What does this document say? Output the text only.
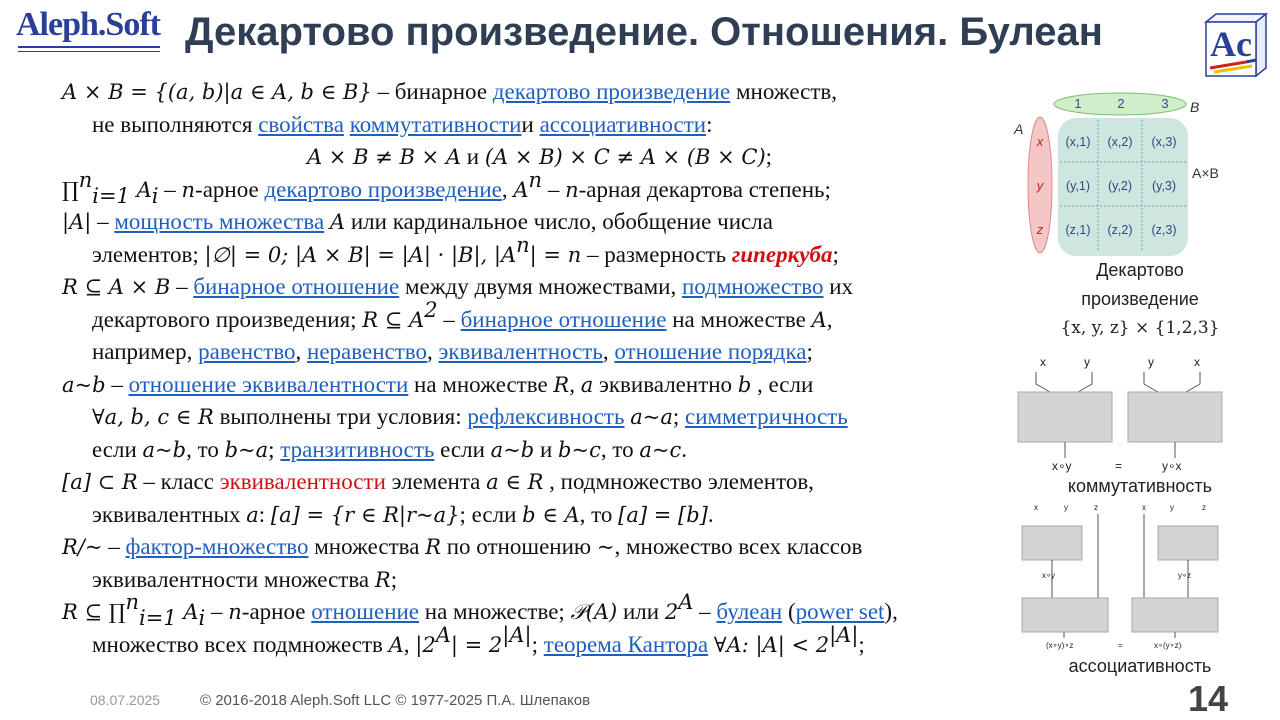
Aleph.Soft Декартово произведение. Отношения. Булеан	Ac
A × B = {(a, b)|a ∈ A, b ∈ B} – бинарное декартово произведение множеств,
не выполняются свойства коммутативностии ассоциативности:
A × B ≠ B × A и (A × B) × C ≠ A × (B × C);
∏$^n_{i=1}$ $A_i$ – n-арное декартово произведение, $A^n$ – n-арная декартова степень;
|A| – мощность множества A или кардинальное число, обобщение числа
элементов; |∅| = 0; |A × B| = |A| · |B|, $|A^n| = n$ – размерность гиперкуба;
R ⊆ A × B – бинарное отношение между двумя множествами, подмножество их
декартового произведения; R ⊆ $A^2$ – бинарное отношение на множестве A,
например, равенство, неравенство, эквивалентность, отношение порядка;
a~b – отношение эквивалентности на множестве R, a эквивалентно b , если
∀a, b, c ∈ R выполнены три условия: рефлексивность a~a; симметричность
если a~b, то b~a; транзитивность если a~b и b~c, то a~c.
[a] ⊂ R – класс эквивалентности элемента a ∈ R , подмножество элементов,
эквивалентных a: [a] = {r ∈ R|r~a}; если b ∈ A, то [a] = [b].
R/~ – фактор-множество множества R по отношению ~, множество всех классов
эквивалентности множества R;
R ⊆ ∏$^n_{i=1}$ $A_i$ – n-арное отношение на множестве; 𝒫(A) или $2^A$ – булеан (power set),
множество всех подмножеств A, $|2^A| = 2^{|A|}$; теорема Кантора ∀A: $|A| < 2^{|A|}$;
1	2	3
x
y
z
A
B
A×B
(x,1) (x,2) (x,3)
(y,1) (y,2) (y,3)
(z,1) (z,2) (z,3)
x	y	y	x
x∘y	=	y∘x
x	y	z	x	y	z
x∘y
(x∘y)∘z	=
y∘z
x∘(y∘z)
Декартово
произведение
{x, y, z} × {1,2,3}
коммутативность
ассоциативность
08.07.2025	© 2016-2018 Aleph.Soft LLC © 1977-2025 П.А. Шлепаков	14
